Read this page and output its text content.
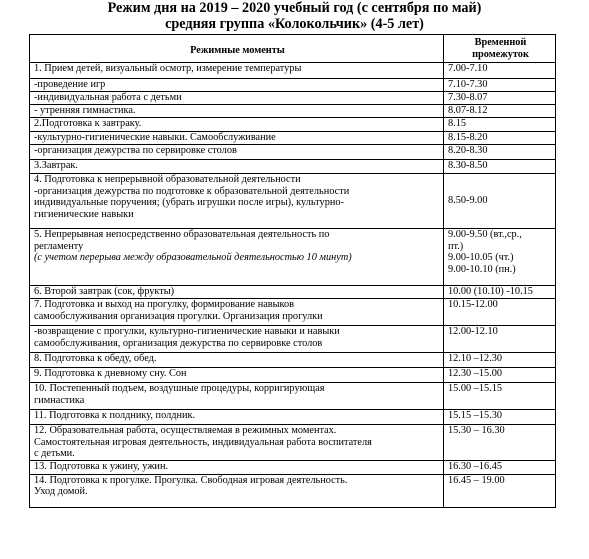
Режим дня на 2019 – 2020 учебный год (с сентября по май)
средняя группа «Колокольчик» (4-5 лет)
Режимные моменты	Временной промежуток

1. Прием детей, визуальный осмотр, измерение температуры	7.00-7.10

-проведение игр	7.10-7.30

-индивидуальная работа с детьми	7.30-8.07

- утренняя гимнастика.	8.07-8.12

2.Подготовка к завтраку.	8.15

-культурно-гигиенические навыки. Самообслуживание	8.15-8.20

-организация дежурства по сервировке столов	8.20-8.30

3.Завтрак.	8.30-8.50

4. Подготовка к непрерывной образовательной деятельности
-организация дежурства по подготовке к образовательной деятельности
индивидуальные поручения; (убрать игрушки после игры), культурно-
гигиенические навыки	8.50-9.00

5. Непрерывная непосредственно образовательная деятельность по
регламенту
(с учетом перерыва между образовательной деятельностью 10 минут)	9.00-9.50 (вт.,ср.,
пт.)
9.00-10.05 (чт.)
9.00-10.10 (пн.)

6. Второй завтрак (сок, фрукты)	10.00 (10.10) -10.15

7. Подготовка и выход на прогулку, формирование навыков
самообслуживания организация прогулки. Организация прогулки	10.15-12.00

-возвращение с прогулки, культурно-гигиенические навыки и навыки
самообслуживания, организация дежурства по сервировке столов	12.00-12.10

8. Подготовка к обеду, обед.	12.10 –12.30

9. Подготовка к дневному сну. Сон	12.30 –15.00

10. Постепенный подъем, воздушные процедуры, корригирующая
гимнастика	15.00 –15.15

11. Подготовка к полднику, полдник.	15.15 –15.30

12. Образовательная работа, осуществляемая в режимных моментах.
Самостоятельная игровая деятельность, индивидуальная работа воспитателя
с детьми.	15.30 – 16.30

13. Подготовка к ужину, ужин.	16.30 –16.45

14. Подготовка к прогулке. Прогулка. Свободная игровая деятельность.
Уход домой.	16.45 – 19.00
